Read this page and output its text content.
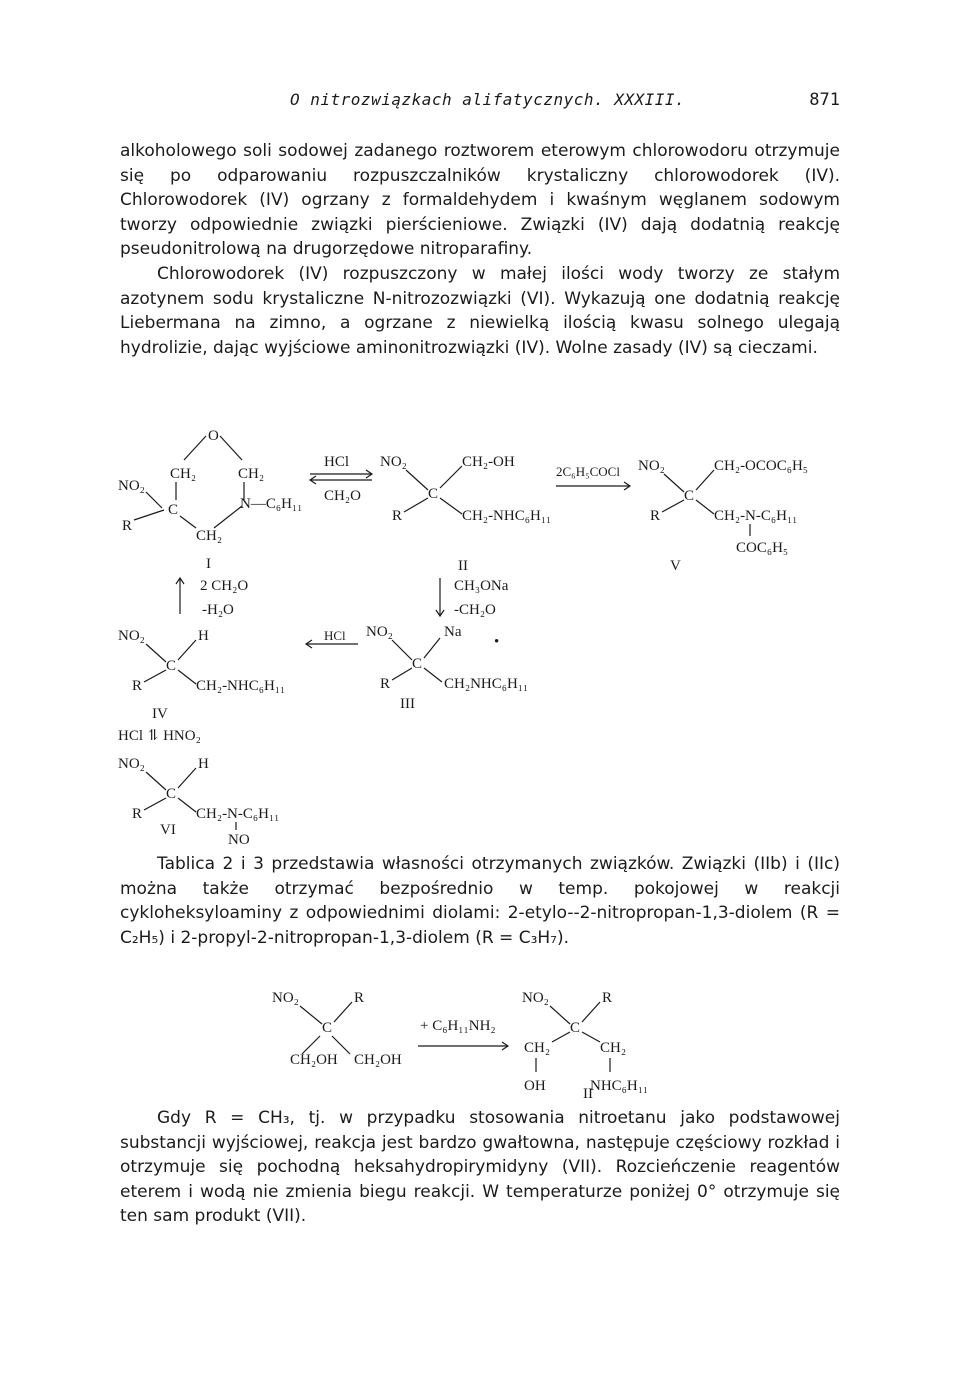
O nitrozwiązkach alifatycznych. XXXIII.	871

alkoholowego soli sodowej zadanego roztworem eterowym chlorowodoru otrzymuje się po odparowaniu rozpuszczalników krystaliczny chlorowodorek (IV). Chlorowodorek (IV) ogrzany z formaldehydem i kwaśnym węglanem sodowym tworzy odpowiednie związki pierścieniowe. Związki (IV) dają dodatnią reakcję pseudonitrolową na drugorzędowe nitroparafiny.

Chlorowodorek (IV) rozpuszczony w małej ilości wody tworzy ze stałym azotynem sodu krystaliczne N-nitrozozwiązki (VI). Wykazują one dodatnią reakcję Liebermana na zimno, a ogrzane z niewielką ilością kwasu solnego ulegają hydrolizie, dając wyjściowe aminonitrozwiązki (IV). Wolne zasady (IV) są cieczami.

O
CH₂	CH₂
NO₂
C
R
N—C₆H₁₁
CH₂
I
HCl
CH₂O
NO₂
C
CH₂-OH
R	CH₂-NHC₆H₁₁
II
2C₆H₅COCl NO₂
C
CH₂-OCOC₆H₅
R	CH₂-N-C₆H₁₁
COC₆H₅
V
2 CH₂O
-H₂O
CH₃ONa
-CH₂O
NO₂
C
H
R	CH₂-NHC₆H₁₁
IV
HCl NO₂
C
Na
•
R	CH₂NHC₆H₁₁
III
HCl ⥮ HNO₂
NO₂
C
H
R	CH₂-N-C₆H₁₁
NO
VI

Tablica 2 i 3 przedstawia własności otrzymanych związków. Związki (IIb) i (IIc) można także otrzymać bezpośrednio w temp. pokojowej w reakcji cykloheksyloaminy z odpowiednimi diolami: 2-etylo--2-nitropropan-1,3-diolem (R = C₂H₅) i 2-propyl-2-nitropropan-1,3-diolem (R = C₃H₇).

NO₂
C
R
CH₂OH CH₂OH
+ C₆H₁₁NH₂
NO₂
C
R
CH₂	CH₂
OH	NHC₆H₁₁
II

Gdy R = CH₃, tj. w przypadku stosowania nitroetanu jako podstawowej substancji wyjściowej, reakcja jest bardzo gwałtowna, następuje częściowy rozkład i otrzymuje się pochodną heksahydropirymidyny (VII). Rozcieńczenie reagentów eterem i wodą nie zmienia biegu reakcji. W temperaturze poniżej 0° otrzymuje się ten sam produkt (VII).
